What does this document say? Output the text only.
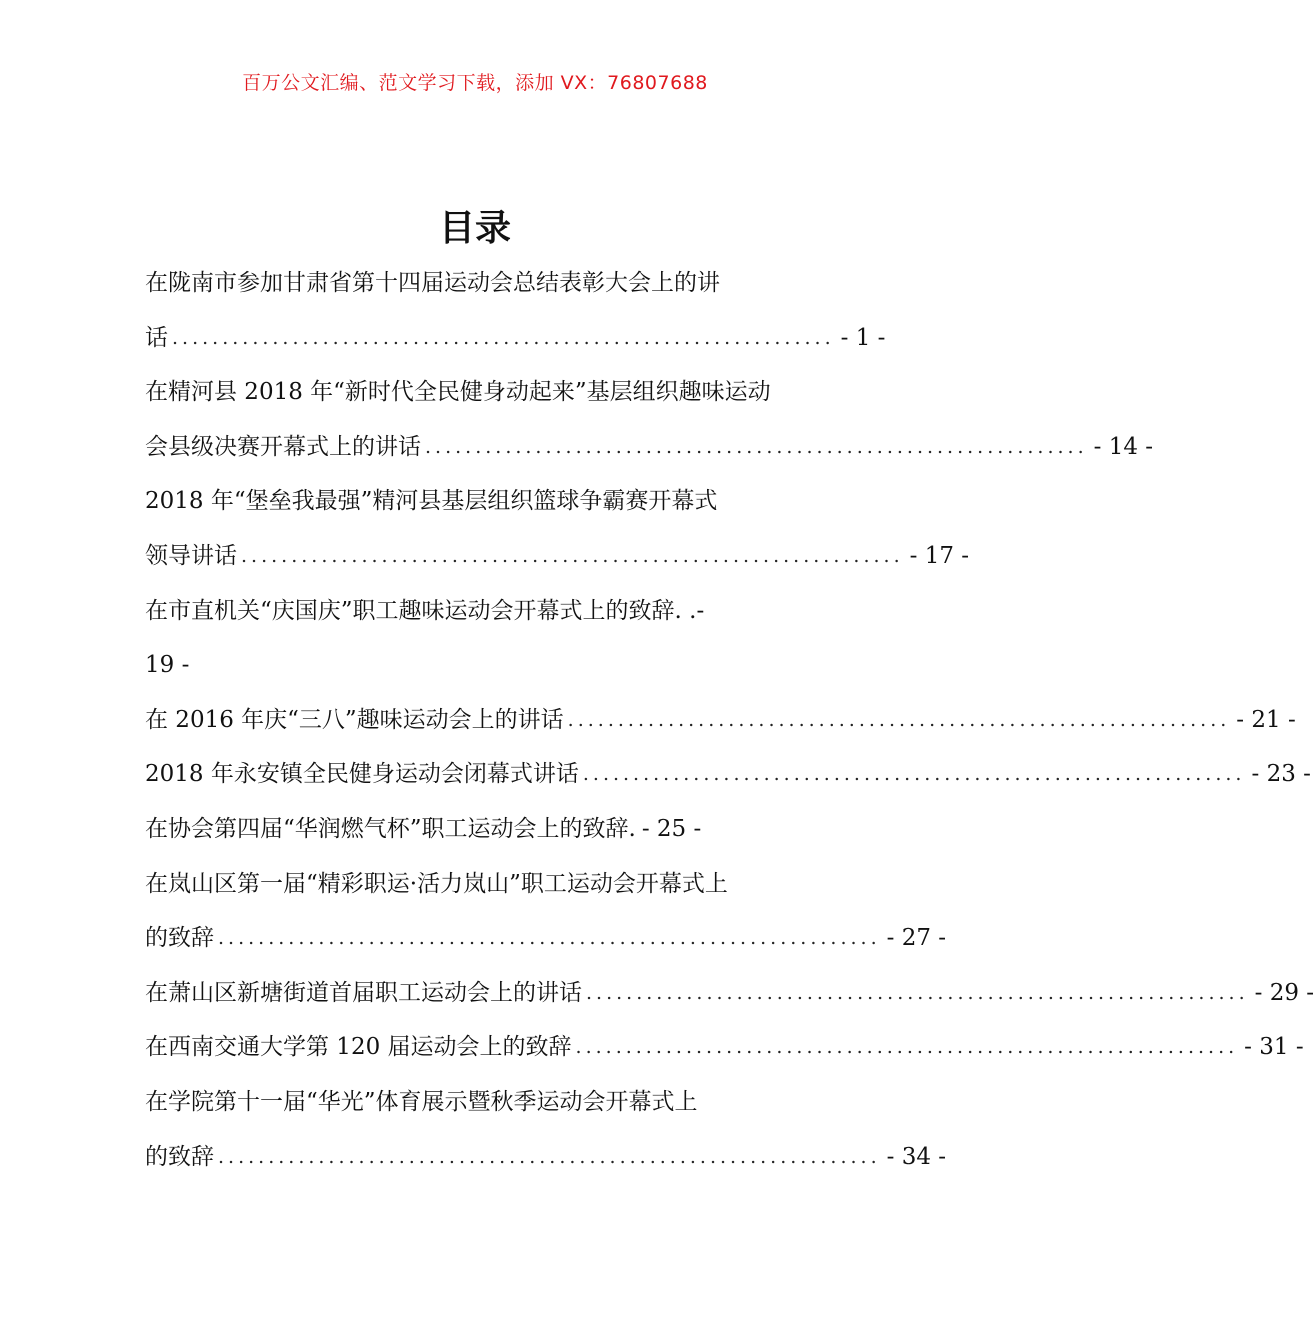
百万公文汇编、范文学习下载，添加 VX：76807688
目录
在陇南市参加甘肃省第十四届运动会总结表彰大会上的讲
话 .................................................................. - 1 -
在精河县 2018 年“新时代全民健身动起来”基层组织趣味运动
会县级决赛开幕式上的讲话 .................................................................. - 14 -
2018 年“堡垒我最强”精河县基层组织篮球争霸赛开幕式
领导讲话 .................................................................. - 17 -
在市直机关“庆国庆”职工趣味运动会开幕式上的致辞. .-
19 -
在 2016 年庆“三八”趣味运动会上的讲话 .................................................................. - 21 -
2018 年永安镇全民健身运动会闭幕式讲话 .................................................................. - 23 -
在协会第四届“华润燃气杯”职工运动会上的致辞. - 25 -
在岚山区第一届“精彩职运·活力岚山”职工运动会开幕式上
的致辞 .................................................................. - 27 -
在萧山区新塘街道首届职工运动会上的讲话 .................................................................. - 29 -
在西南交通大学第 120 届运动会上的致辞 .................................................................. - 31 -
在学院第十一届“华光”体育展示暨秋季运动会开幕式上
的致辞 .................................................................. - 34 -
